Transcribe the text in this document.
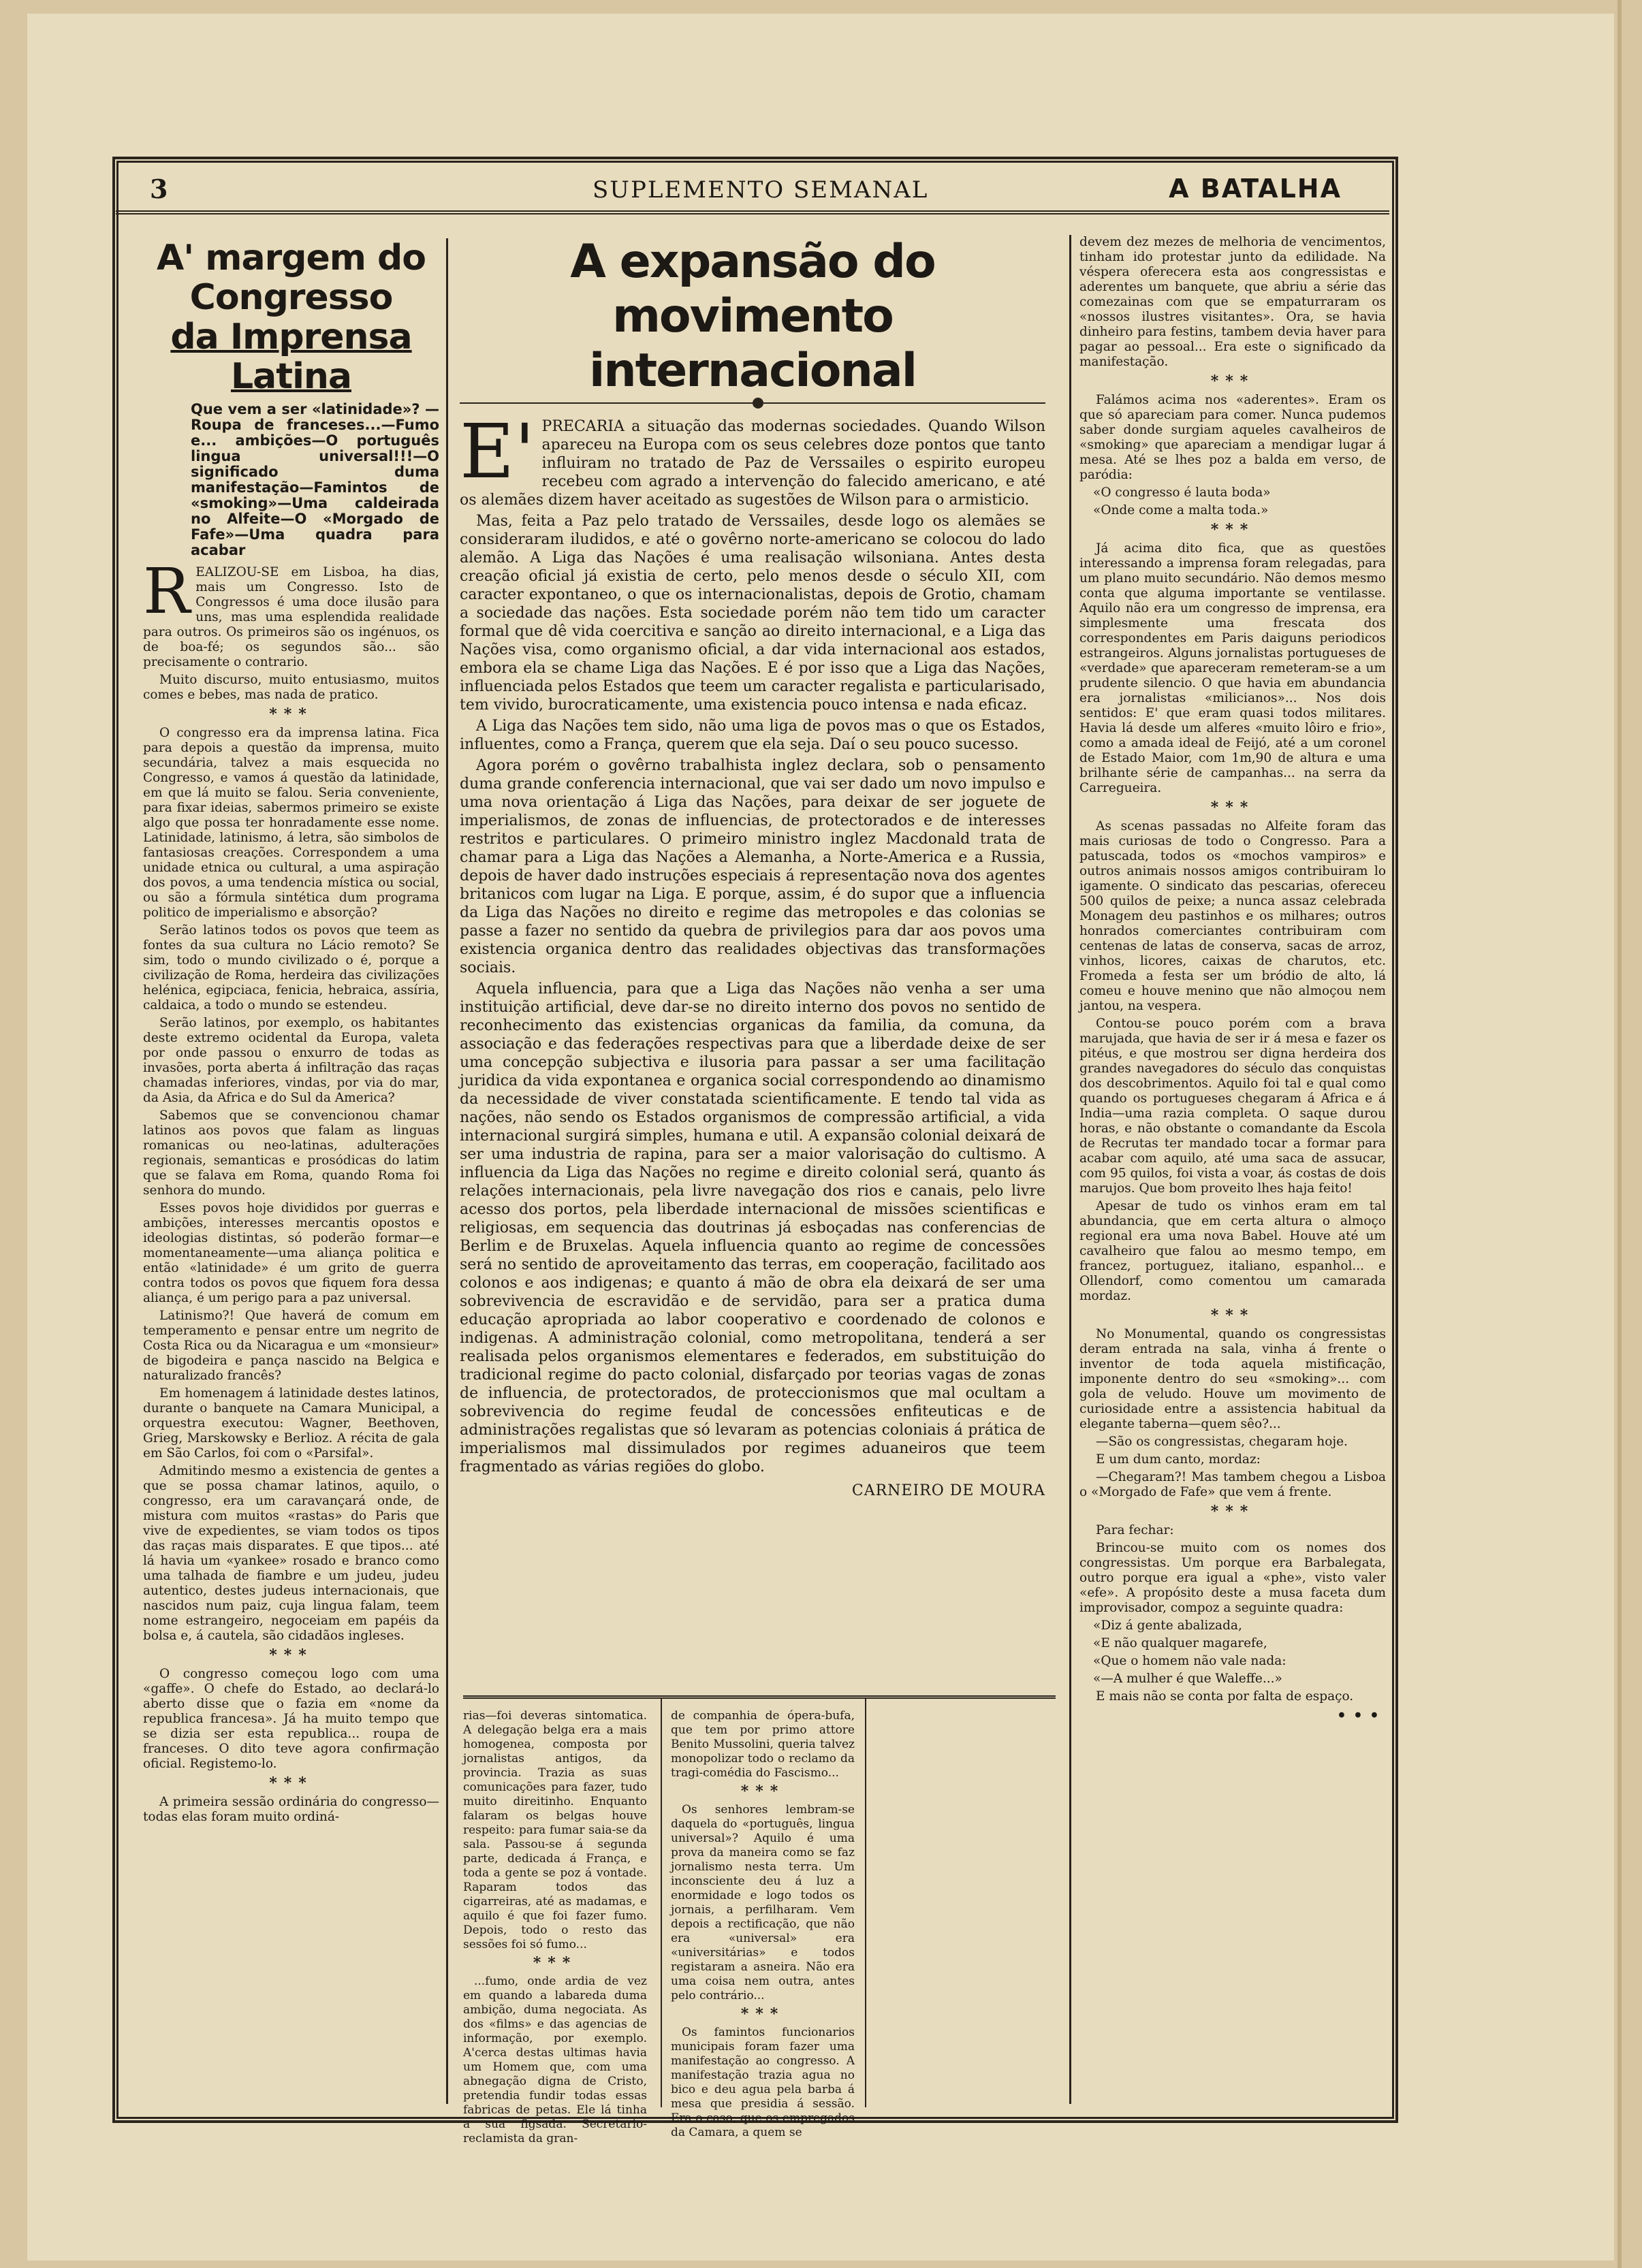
3	SUPLEMENTO SEMANAL	A BATALHA
A' margem do Congresso
da Imprensa Latina
Que vem a ser «latinidade»? —Roupa de franceses...—Fumo e... ambições—O português lingua universal!!!—O significado duma manifestação—Famintos de «smoking»—Uma caldeirada no Alfeite—O «Morgado de Fafe»—Uma quadra para acabar

REALIZOU-SE em Lisboa, ha dias, mais um Congresso. Isto de Congressos é uma doce ilusão para uns, mas uma esplendida realidade para outros. Os primeiros são os ingénuos, os de boa-fé; os segundos são... são precisamente o contrario.

Muito discurso, muito entusiasmo, muitos comes e bebes, mas nada de pratico.

***

O congresso era da imprensa latina. Fica para depois a questão da imprensa, muito secundária, talvez a mais esquecida no Congresso, e vamos á questão da latinidade, em que lá muito se falou. Seria conveniente, para fixar ideias, sabermos primeiro se existe algo que possa ter honradamente esse nome. Latinidade, latinismo, á letra, são simbolos de fantasiosas creações. Correspondem a uma unidade etnica ou cultural, a uma aspiração dos povos, a uma tendencia mística ou social, ou são a fórmula sintética dum programa politico de imperialismo e absorção?

Serão latinos todos os povos que teem as fontes da sua cultura no Lácio remoto? Se sim, todo o mundo civilizado o é, porque a civilização de Roma, herdeira das civilizações helénica, egipciaca, fenicia, hebraica, assíria, caldaica, a todo o mundo se estendeu.

Serão latinos, por exemplo, os habitantes deste extremo ocidental da Europa, valeta por onde passou o enxurro de todas as invasões, porta aberta á infiltração das raças chamadas inferiores, vindas, por via do mar, da Asia, da Africa e do Sul da America?

Sabemos que se convencionou chamar latinos aos povos que falam as linguas romanicas ou neo-latinas, adulterações regionais, semanticas e prosódicas do latim que se falava em Roma, quando Roma foi senhora do mundo.

Esses povos hoje divididos por guerras e ambições, interesses mercantis opostos e ideologias distintas, só poderão formar—e momentaneamente—uma aliança politica e então «latinidade» é um grito de guerra contra todos os povos que fiquem fora dessa aliança, é um perigo para a paz universal.

Latinismo?! Que haverá de comum em temperamento e pensar entre um negrito de Costa Rica ou da Nicaragua e um «monsieur» de bigodeira e pança nascido na Belgica e naturalizado francês?

Em homenagem á latinidade destes latinos, durante o banquete na Camara Municipal, a orquestra executou: Wagner, Beethoven, Grieg, Marskowsky e Berlioz. A récita de gala em São Carlos, foi com o «Parsifal».

Admitindo mesmo a existencia de gentes a que se possa chamar latinos, aquilo, o congresso, era um caravançará onde, de mistura com muitos «rastas» do Paris que vive de expedientes, se viam todos os tipos das raças mais disparates. E que tipos... até lá havia um «yankee» rosado e branco como uma talhada de fiambre e um judeu, judeu autentico, destes judeus internacionais, que nascidos num paiz, cuja lingua falam, teem nome estrangeiro, negoceiam em papéis da bolsa e, á cautela, são cidadãos ingleses.

***

O congresso começou logo com uma «gaffe». O chefe do Estado, ao declará-lo aberto disse que o fazia em «nome da republica francesa». Já ha muito tempo que se dizia ser esta republica... roupa de franceses. O dito teve agora confirmação oficial. Registemo-lo.

***

A primeira sessão ordinária do congresso—todas elas foram muito ordiná-

A expansão do movimento internacional

E' PRECARIA a situação das modernas sociedades. Quando Wilson apareceu na Europa com os seus celebres doze pontos que tanto influiram no tratado de Paz de Verssailes o espirito europeu recebeu com agrado a intervenção do falecido americano, e até os alemães dizem haver aceitado as sugestões de Wilson para o armisticio.

Mas, feita a Paz pelo tratado de Verssailes, desde logo os alemães se consideraram iludidos, e até o govêrno norte-americano se colocou do lado alemão. A Liga das Nações é uma realisação wilsoniana. Antes desta creação oficial já existia de certo, pelo menos desde o século XII, com caracter expontaneo, o que os internacionalistas, depois de Grotio, chamam a sociedade das nações. Esta sociedade porém não tem tido um caracter formal que dê vida coercitiva e sanção ao direito internacional, e a Liga das Nações visa, como organismo oficial, a dar vida internacional aos estados, embora ela se chame Liga das Nações. E é por isso que a Liga das Nações, influenciada pelos Estados que teem um caracter regalista e particularisado, tem vivido, burocraticamente, uma existencia pouco intensa e nada eficaz.

A Liga das Nações tem sido, não uma liga de povos mas o que os Estados, influentes, como a França, querem que ela seja. Daí o seu pouco sucesso.

Agora porém o govêrno trabalhista inglez declara, sob o pensamento duma grande conferencia internacional, que vai ser dado um novo impulso e uma nova orientação á Liga das Nações, para deixar de ser joguete de imperialismos, de zonas de influencias, de protectorados e de interesses restritos e particulares. O primeiro ministro inglez Macdonald trata de chamar para a Liga das Nações a Alemanha, a Norte-America e a Russia, depois de haver dado instruções especiais á representação nova dos agentes britanicos com lugar na Liga. E porque, assim, é do supor que a influencia da Liga das Nações no direito e regime das metropoles e das colonias se passe a fazer no sentido da quebra de privilegios para dar aos povos uma existencia organica dentro das realidades objectivas das transformações sociais.

Aquela influencia, para que a Liga das Nações não venha a ser uma instituição artificial, deve dar-se no direito interno dos povos no sentido de reconhecimento das existencias organicas da familia, da comuna, da associação e das federações respectivas para que a liberdade deixe de ser uma concepção subjectiva e ilusoria para passar a ser uma facilitação juridica da vida expontanea e organica social correspondendo ao dinamismo da necessidade de viver constatada scientificamente. E tendo tal vida as nações, não sendo os Estados organismos de compressão artificial, a vida internacional surgirá simples, humana e util. A expansão colonial deixará de ser uma industria de rapina, para ser a maior valorisação do cultismo. A influencia da Liga das Nações no regime e direito colonial será, quanto ás relações internacionais, pela livre navegação dos rios e canais, pelo livre acesso dos portos, pela liberdade internacional de missões scientificas e religiosas, em sequencia das doutrinas já esboçadas nas conferencias de Berlim e de Bruxelas. Aquela influencia quanto ao regime de concessões será no sentido de aproveitamento das terras, em cooperação, facilitado aos colonos e aos indigenas; e quanto á mão de obra ela deixará de ser uma sobrevivencia de escravidão e de servidão, para ser a pratica duma educação apropriada ao labor cooperativo e coordenado de colonos e indigenas. A administração colonial, como metropolitana, tenderá a ser realisada pelos organismos elementares e federados, em substituição do tradicional regime do pacto colonial, disfarçado por teorias vagas de zonas de influencia, de protectorados, de proteccionismos que mal ocultam a sobrevivencia do regime feudal de concessões enfiteuticas e de administrações regalistas que só levaram as potencias coloniais á prática de imperialismos mal dissimulados por regimes aduaneiros que teem fragmentado as várias regiões do globo.

CARNEIRO DE MOURA

rias—foi deveras sintomatica. A delegação belga era a mais homogenea, composta por jornalistas antigos, da provincia. Trazia as suas comunicações para fazer, tudo muito direitinho. Enquanto falaram os belgas houve respeito: para fumar saia-se da sala. Passou-se á segunda parte, dedicada á França, e toda a gente se poz á vontade. Raparam todos das cigarreiras, até as madamas, e aquilo é que foi fazer fumo. Depois, todo o resto das sessões foi só fumo...

***

...fumo, onde ardia de vez em quando a labareda duma ambição, duma negociata. As dos «films» e das agencias de informação, por exemplo. A'cerca destas ultimas havia um Homem que, com uma abnegação digna de Cristo, pretendia fundir todas essas fabricas de petas. Ele lá tinha a sua figsada. Secretario-reclamista da gran-

de companhia de ópera-bufa, que tem por primo attore Benito Mussolini, queria talvez monopolizar todo o reclamo da tragi-comédia do Fascismo...

***

Os senhores lembram-se daquela do «português, lingua universal»? Aquilo é uma prova da maneira como se faz jornalismo nesta terra. Um inconsciente deu á luz a enormidade e logo todos os jornais, a perfilharam. Vem depois a rectificação, que não era «universal» era «universitárias» e todos registaram a asneira. Não era uma coisa nem outra, antes pelo contrário...

***

Os famintos funcionarios municipais foram fazer uma manifestação ao congresso. A manifestação trazia agua no bico e deu agua pela barba á mesa que presidia á sessão. Era o caso, que os empregados da Camara, a quem se

devem dez mezes de melhoria de vencimentos, tinham ido protestar junto da edilidade. Na véspera oferecera esta aos congressistas e aderentes um banquete, que abriu a série das comezainas com que se empaturraram os «nossos ilustres visitantes». Ora, se havia dinheiro para festins, tambem devia haver para pagar ao pessoal... Era este o significado da manifestação.

***

Falámos acima nos «aderentes». Eram os que só apareciam para comer. Nunca pudemos saber donde surgiam aqueles cavalheiros de «smoking» que apareciam a mendigar lugar á mesa. Até se lhes poz a balda em verso, de paródia:

«O congresso é lauta boda»

«Onde come a malta toda.»

***

Já acima dito fica, que as questões interessando a imprensa foram relegadas, para um plano muito secundário. Não demos mesmo conta que alguma importante se ventilasse. Aquilo não era um congresso de imprensa, era simplesmente uma frescata dos correspondentes em Paris daiguns periodicos estrangeiros. Alguns jornalistas portugueses de «verdade» que apareceram remeteram-se a um prudente silencio. O que havia em abundancia era jornalistas «milicianos»... Nos dois sentidos: E' que eram quasi todos militares. Havia lá desde um alferes «muito lôiro e frio», como a amada ideal de Feijó, até a um coronel de Estado Maior, com 1m,90 de altura e uma brilhante série de campanhas... na serra da Carregueira.

***

As scenas passadas no Alfeite foram das mais curiosas de todo o Congresso. Para a patuscada, todos os «mochos vampiros» e outros animais nossos amigos contribuiram lo igamente. O sindicato das pescarias, ofereceu 500 quilos de peixe; a nunca assaz celebrada Monagem deu pastinhos e os milhares; outros honrados comerciantes contribuiram com centenas de latas de conserva, sacas de arroz, vinhos, licores, caixas de charutos, etc. Fromeda a festa ser um bródio de alto, lá comeu e houve menino que não almoçou nem jantou, na vespera.

Contou-se pouco porém com a brava marujada, que havia de ser ir á mesa e fazer os pitéus, e que mostrou ser digna herdeira dos grandes navegadores do século das conquistas dos descobrimentos. Aquilo foi tal e qual como quando os portugueses chegaram á Africa e á India—uma razia completa. O saque durou horas, e não obstante o comandante da Escola de Recrutas ter mandado tocar a formar para acabar com aquilo, até uma saca de assucar, com 95 quilos, foi vista a voar, ás costas de dois marujos. Que bom proveito lhes haja feito!

Apesar de tudo os vinhos eram em tal abundancia, que em certa altura o almoço regional era uma nova Babel. Houve até um cavalheiro que falou ao mesmo tempo, em francez, portuguez, italiano, espanhol... e Ollendorf, como comentou um camarada mordaz.

***

No Monumental, quando os congressistas deram entrada na sala, vinha á frente o inventor de toda aquela mistificação, imponente dentro do seu «smoking»... com gola de veludo. Houve um movimento de curiosidade entre a assistencia habitual da elegante taberna—quem sêo?...

—São os congressistas, chegaram hoje.

E um dum canto, mordaz:

—Chegaram?! Mas tambem chegou a Lisboa o «Morgado de Fafe» que vem á frente.

***

Para fechar:

Brincou-se muito com os nomes dos congressistas. Um porque era Barbalegata, outro porque era igual a «phe», visto valer «efe». A propósito deste a musa faceta dum improvisador, compoz a seguinte quadra:

«Diz á gente abalizada,

«E não qualquer magarefe,

«Que o homem não vale nada:

«—A mulher é que Waleffe...»

E mais não se conta por falta de espaço.

•••
